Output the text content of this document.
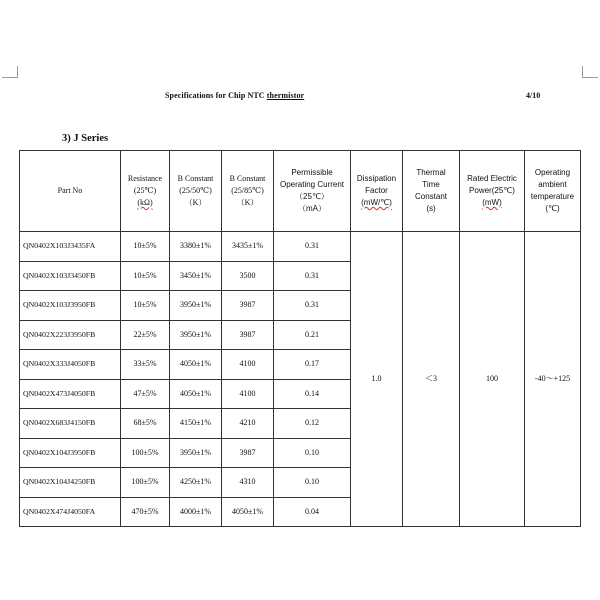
Specifications for Chip NTC thermistor	4/10
3) J Series
Part No	Resistance
(25℃)
(kΩ)	B Constant
(25/50℃)
（K）	B Constant
(25/85℃)
（K）	Permissible
Operating Current
（25℃）
（mA）	Dissipation
Factor
(mW/℃)	Thermal
Time
Constant
(s)	Rated Electric
Power(25℃)
(mW)	Operating
ambient
temperature
(℃)
QN0402X103J3435FA	10±5%	3380±1%	3435±1%	0.31	1.0	＜3	100	-40～+125
QN0402X103J3450FB	10±5%	3450±1%	3500	0.31				
QN0402X103J3950FB	10±5%	3950±1%	3987	0.31				
QN0402X223J3950FB	22±5%	3950±1%	3987	0.21				
QN0402X333J4050FB	33±5%	4050±1%	4100	0.17				
QN0402X473J4050FB	47±5%	4050±1%	4100	0.14				
QN0402X683J4150FB	68±5%	4150±1%	4210	0.12				
QN0402X104J3950FB	100±5%	3950±1%	3987	0.10				
QN0402X104J4250FB	100±5%	4250±1%	4310	0.10				
QN0402X474J4050FA	470±5%	4000±1%	4050±1%	0.04				
